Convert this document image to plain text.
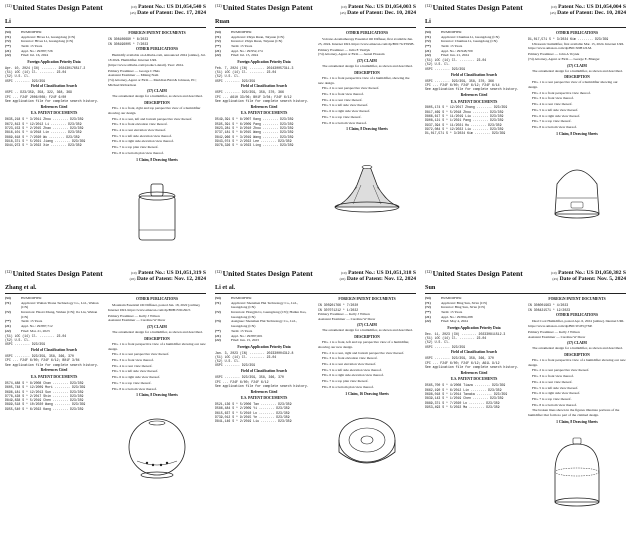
$^{(12)}$United States Design Patent	(10) Patent No.: US D1,054,540 S
(45) Date of Patent: Dec. 17, 2024
Li
(54)	HUMIDIFIER
(71)	Applicant: Hivea Li, Guangdong (CN)
(72)	Inventor: Hivea Li, Guangdong (CN)
(**)	Term: 15 Years
(21)	Appl. No.: 29/887,726
(22)	Filed: Jul. 16, 2024
Foreign Application Priority Data
Apr. 10, 2024 (CN) ........ 202430176517.2
(51) LOC (14) Cl. ........ 23-04
(52) U.S. Cl.
USPC ........ D23/359
Field of Classification Search
USPC .. D23/359, 358, 322, 368, 369
CPC ... F24F 2006/008; F24F 6/00
See application file for complete search history.
References Cited
U.S. PATENT DOCUMENTS
D635,218 S * 3/2011 Zhou ........ D23/359
D672,813 S * 12/2012 Li ........ D23/359
D723,153 S * 2/2015 Zhao ........ D23/359
D816,101 S * 4/2018 Lin ........ D23/359
D889,618 S * 7/2020 Wu ........ D23/359
D918,371 S * 5/2021 Jiang ........ D23/359
D944,973 S * 3/2022 Xie ........ D23/359
FOREIGN PATENT DOCUMENTS
CN 308106690 * 8/2023
CN 308196005 * 7/2023
OTHER PUBLICATIONS
Humidify available on Alibaba.com, announced 2024 (online), Jul. 18 2024. Humidifier. Internet URL (https://www.alibaba.com/product-detail). Year: 2024.
Primary Examiner — George C Heis
Assistant Examiner — Mileng Nam
(74) Attorney, Agent or Firm — Meridian Bird & Johnson, PC; Michael Richardson
(57) CLAIM
The ornamental design for a humidifier, as shown and described.
DESCRIPTION
FIG. 1 is a front, right and top perspective view of a humidifier showing our design.
FIG. 2 is a rear, left and bottom perspective view thereof.
FIG. 3 is a front elevation view thereof.
FIG. 4 is a rear elevation view thereof.
FIG. 5 is a left side elevation view thereof.
FIG. 6 is a right side elevation view thereof.
FIG. 7 is a top plan view thereof.
FIG. 8 is a bottom plan view thereof.
1 Claim, 8 Drawing Sheets
$^{(12)}$United States Design Patent	(10) Patent No.: US D1,054,003 S
(45) Date of Patent: Dec. 10, 2024
Ruan
(54)	HUMIDIFIER
(71)	Applicant: Zhiyu Ruan, Taiyuan (CN)
(72)	Inventor: Zhiyu Ruan, Taiyuan (CN)
(**)	Term: 15 Years
(21)	Appl. No.: 29/952,174
(22)	Filed: Jul. 15, 2024
Foreign Application Priority Data
Feb. 7, 2024 (CN) ........ 202430057311.3
(51) LOC (14) Cl. ........ 23-04
(52) U.S. Cl.
USPC ........ D23/359
Field of Classification Search
USPC ........ D23/359, 358, 370, 366
CPC ... A61H 33/06; B01F 3/04; F24F 6/12
See application file for complete search history.
References Cited
U.S. PATENT DOCUMENTS
D549,391 S * 8/2007 Kang ........ D23/359
D595,391 S * 6/2009 Pang ........ D23/359
D623,281 S * 9/2010 Zhou ........ D23/359
D737,181 S * 8/2015 Wang ........ D23/359
D842,966 S * 3/2019 Wang ........ D23/359
D943,074 S * 2/2022 Lee ........ D23/359
D978,326 S * 4/2023 Ling ........ D23/359
OTHER PUBLICATIONS
Volcano Aromatherapy Essential Oil Diffuser, first available Jun. 25, 2024. Internet URL https://www.amazon.com/dp/B0C7GTS9SB.
Primary Examiner — Julia E Vasilyk
(74) Attorney, Agent or Firm — Jeenal Hossain
(57) CLAIM
The ornamental design for a humidifier, as shown and described.
DESCRIPTION
FIG. 1 is a front perspective view of a humidifier, showing the new design.
FIG. 2 is a rear perspective view thereof.
FIG. 3 is a front view thereof.
FIG. 4 is a rear view thereof.
FIG. 5 is a left side view thereof.
FIG. 6 is a right side view thereof.
FIG. 7 is a top view thereof.
FIG. 8 is a bottom view thereof.
1 Claim, 8 Drawing Sheets
$^{(12)}$United States Design Patent	(10) Patent No.: US D1,054,004 S
(45) Date of Patent: Dec. 10, 2024
Li
(54)	HUMIDIFIER
(71)	Applicant: Chunhua Li, Guangdong (CN)
(72)	Inventor: Chunhua Li, Guangdong (CN)
(**)	Term: 15 Years
(21)	Appl. No.: 29/948,709
(22)	Filed: Jun. 21, 2024
(51) LOC (14) Cl. ........ 23-04
(52) U.S. Cl.
USPC ........ D23/359
Field of Classification Search
USPC ........ D23/359, 358, 370, 366
CPC ... F24F 6/00; F24F 6/12; F24F 6/14
See application file for complete search history.
References Cited
U.S. PATENT DOCUMENTS
D805,174 S * 12/2017 Zhang ........ D23/359
D817,469 S * 5/2018 Zhou ........ D23/359
D866,617 S * 11/2019 Liu ........ D23/359
D908,121 S * 1/2021 Pang ........ D23/359
D937,394 S * 11/2021 Hu ........ D23/359
D972,084 S * 12/2022 Liu ........ D23/359
D1,017,571 S * 3/2024 Kim ........ D23/359
OTHER PUBLICATIONS
D1,017,571 S * 3/2024 Kim ........ D23/359
Ultrasonic humidifier, first available Mar. 15, 2024. Internet URL https://www.amazon.com/dp/B0CX9H12LM.
Primary Examiner — John A Voytek
(74) Attorney, Agent or Firm — George E. Blanger
(57) CLAIM
The ornamental design for a humidifier, as shown and described.
DESCRIPTION
FIG. 1 is a rear perspective view of a humidifier showing our design.
FIG. 2 is a front perspective view thereof.
FIG. 3 is a front view thereof.
FIG. 4 is a rear view thereof.
FIG. 5 is a left side view thereof.
FIG. 6 is a right side view thereof.
FIG. 7 is a top view thereof.
FIG. 8 is a bottom view thereof.
1 Claim, 8 Drawing Sheets
$^{(12)}$United States Design Patent	(10) Patent No.: US D1,051,319 S
(45) Date of Patent: Nov. 12, 2024
Zhang et al.
(54)	HUMIDIFIER
(71)	Applicant: Wuhan Titana Technology Co., Ltd., Wuhan (CN)
(72)	Inventors: Haoxi Zhang, Wuhan (CN); Jia Liu, Wuhan (CN)
(**)	Term: 15 Years
(21)	Appl. No.: 29/887,712
(22)	Filed: Mar. 21, 2023
(51) LOC (14) Cl. ........ 23-04
(52) U.S. Cl.
USPC ........ D23/359
Field of Classification Search
USPC ........ D23/359, 358, 366, 370
CPC ... F24F 6/00; F24F 6/12; B01F 3/04
See application file for complete search history.
References Cited
U.S. PATENT DOCUMENTS
D574,488 S * 8/2008 Chan ........ D23/359
D605,748 S * 12/2009 Mori ........ D23/359
D696,181 S * 12/2013 Sun ........ D23/359
D778,428 S * 2/2017 Shin ........ D23/359
D849,838 S * 5/2019 Chen ........ D23/359
D899,518 S * 10/2020 Wang ........ D23/359
D955,540 S * 6/2022 Kang ........ D23/359
OTHER PUBLICATIONS
Mountain Essential Oil Diffuser, posted Jun. 18, 2022 [online]. Internet URL https://www.amazon.com/dp/B0B1V6G3KT.
Primary Examiner — Kelly J Wilson
Assistant Examiner — Caroline W Drew
(57) CLAIM
The ornamental design for a humidifier, as shown and described.
DESCRIPTION
FIG. 1 is a front perspective view of a humidifier showing our new design.
FIG. 2 is a rear perspective view thereof.
FIG. 3 is a front view thereof.
FIG. 4 is a rear view thereof.
FIG. 5 is a left side view thereof.
FIG. 6 is a right side view thereof.
FIG. 7 is a top view thereof.
FIG. 8 is a bottom view thereof.
1 Claim, 8 Drawing Sheets
$^{(12)}$United States Design Patent	(10) Patent No.: US D1,051,318 S
(45) Date of Patent: Nov. 12, 2024
Li et al.
(54)	HUMIDIFIER
(71)	Applicant: Shenzhen Hui Technology Co., Ltd., Guangdong (CN)
(72)	Inventors: Hongjin Li, Guangdong (CN); Hailun Jiao, Guangdong (CN)
(73)	Assignee: Shenzhen Hui Technology Co., Ltd., Guangdong (CN)
(**)	Term: 15 Years
(21)	Appl. No.: 29/887,601
(22)	Filed: Jun. 15, 2023
Foreign Application Priority Data
Jan. 3, 2023 (CN) ........ 202330004312.8
(51) LOC (14) Cl. ........ 23-04
(52) U.S. Cl.
USPC ........ D23/359
Field of Classification Search
USPC ........ D23/359, 358, 366, 370
CPC ... F24F 6/00; F24F 6/12
See application file for complete search history.
References Cited
U.S. PATENT DOCUMENTS
D521,136 S * 5/2006 Tan ........ D23/359
D586,484 S * 2/2009 Yi ........ D23/359
D615,637 S * 5/2010 Lo ........ D23/359
D739,012 S * 9/2015 Ye ........ D23/359
D841,146 S * 2/2019 Liu ........ D23/359
FOREIGN PATENT DOCUMENTS
CN 305901766 * 7/2020
CN 307071212 * 1/2022
Primary Examiner — Kelly J Wilson
Assistant Examiner — Caroline W Drew
(57) CLAIM
The ornamental design for a humidifier, as shown and described.
DESCRIPTION
FIG. 1 is a front, left and top perspective view of a humidifier, showing our new design.
FIG. 2 is a rear, right and bottom perspective view thereof.
FIG. 3 is a front elevation view thereof.
FIG. 4 is a rear elevation view thereof.
FIG. 5 is a left side elevation view thereof.
FIG. 6 is a right side elevation view thereof.
FIG. 7 is a top plan view thereof.
FIG. 8 is a bottom plan view thereof.
1 Claim, 16 Drawing Sheets
$^{(12)}$United States Design Patent	(10) Patent No.: US D1,050,382 S
(45) Date of Patent: Nov. 5, 2024
Sun
(54)	HUMIDIFIER
(71)	Applicant: Bing Sun, Xi'an (CN)
(72)	Inventor: Bing Sun, Xi'an (CN)
(**)	Term: 15 Years
(21)	Appl. No.: 29/894,288
(22)	Filed: May 4, 2024
Foreign Application Priority Data
Dec. 11, 2023 (CN) ........ 202330811512.3
(51) LOC (14) Cl. ........ 23-04
(52) U.S. Cl.
USPC ........ D23/359
Field of Classification Search
USPC ........ D23/359, 358, 366, 370
CPC ... F24F 6/00; F24F 6/12; A61L 9/12
See application file for complete search history.
References Cited
U.S. PATENT DOCUMENTS
D565,700 S * 4/2008 Tiaza ........ D23/359
D662,190 S * 6/2012 Lin ........ D23/359
D698,018 S * 1/2014 Tanaka ........ D23/359
D839,143 S * 1/2019 Chen ........ D23/359
D889,371 S * 7/2020 Lo ........ D23/359
D953,493 S * 5/2022 Ma ........ D23/359
FOREIGN PATENT DOCUMENTS
CN 308001963 * 4/2023
CN 308421571 * 12/2023
OTHER PUBLICATIONS
Dual Cool Humidifier, posted Apr. 6, 2024 [online]. Internet URL https://www.amazon.com/dp/B0CW4YQ7XP.
Primary Examiner — Kelly J Wilson
Assistant Examiner — Caroline W Drew
(57) CLAIM
The ornamental design for a humidifier, as shown and described.
DESCRIPTION
FIG. 1 is a front perspective view of a humidifier showing our new design.
FIG. 2 is a rear perspective view thereof.
FIG. 3 is a front view thereof.
FIG. 4 is a rear view thereof.
FIG. 5 is a left side view thereof.
FIG. 6 is a right side view thereof.
FIG. 7 is a top view thereof.
FIG. 8 is a bottom view thereof.
The broken lines shown in the figures illustrate portions of the humidifier that form no part of the claimed design.
1 Claim, 8 Drawing Sheets
